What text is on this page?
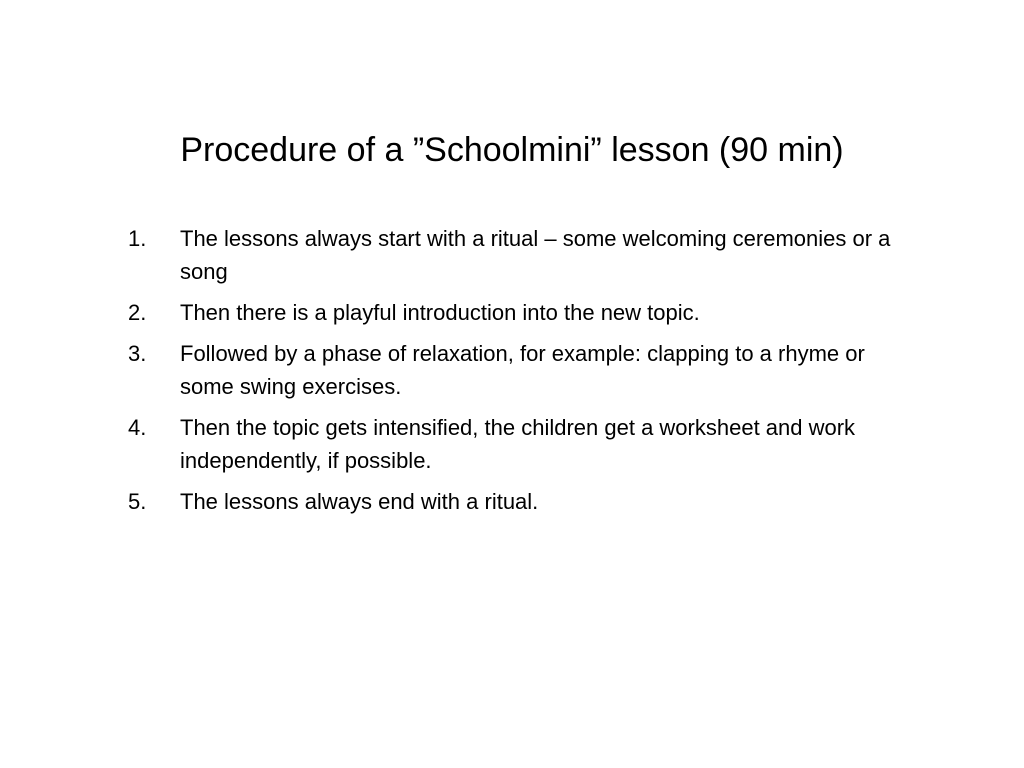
Procedure of a ”Schoolmini” lesson (90 min)
1.	The lessons always start with a ritual – some welcoming ceremonies or a song
2.	Then there is a playful introduction into the new topic.
3.	Followed by a phase of relaxation, for example: clapping to a rhyme or some swing exercises.
4.	Then the topic gets intensified, the children get a worksheet and work independently, if possible.
5.	The lessons always end with a ritual.
